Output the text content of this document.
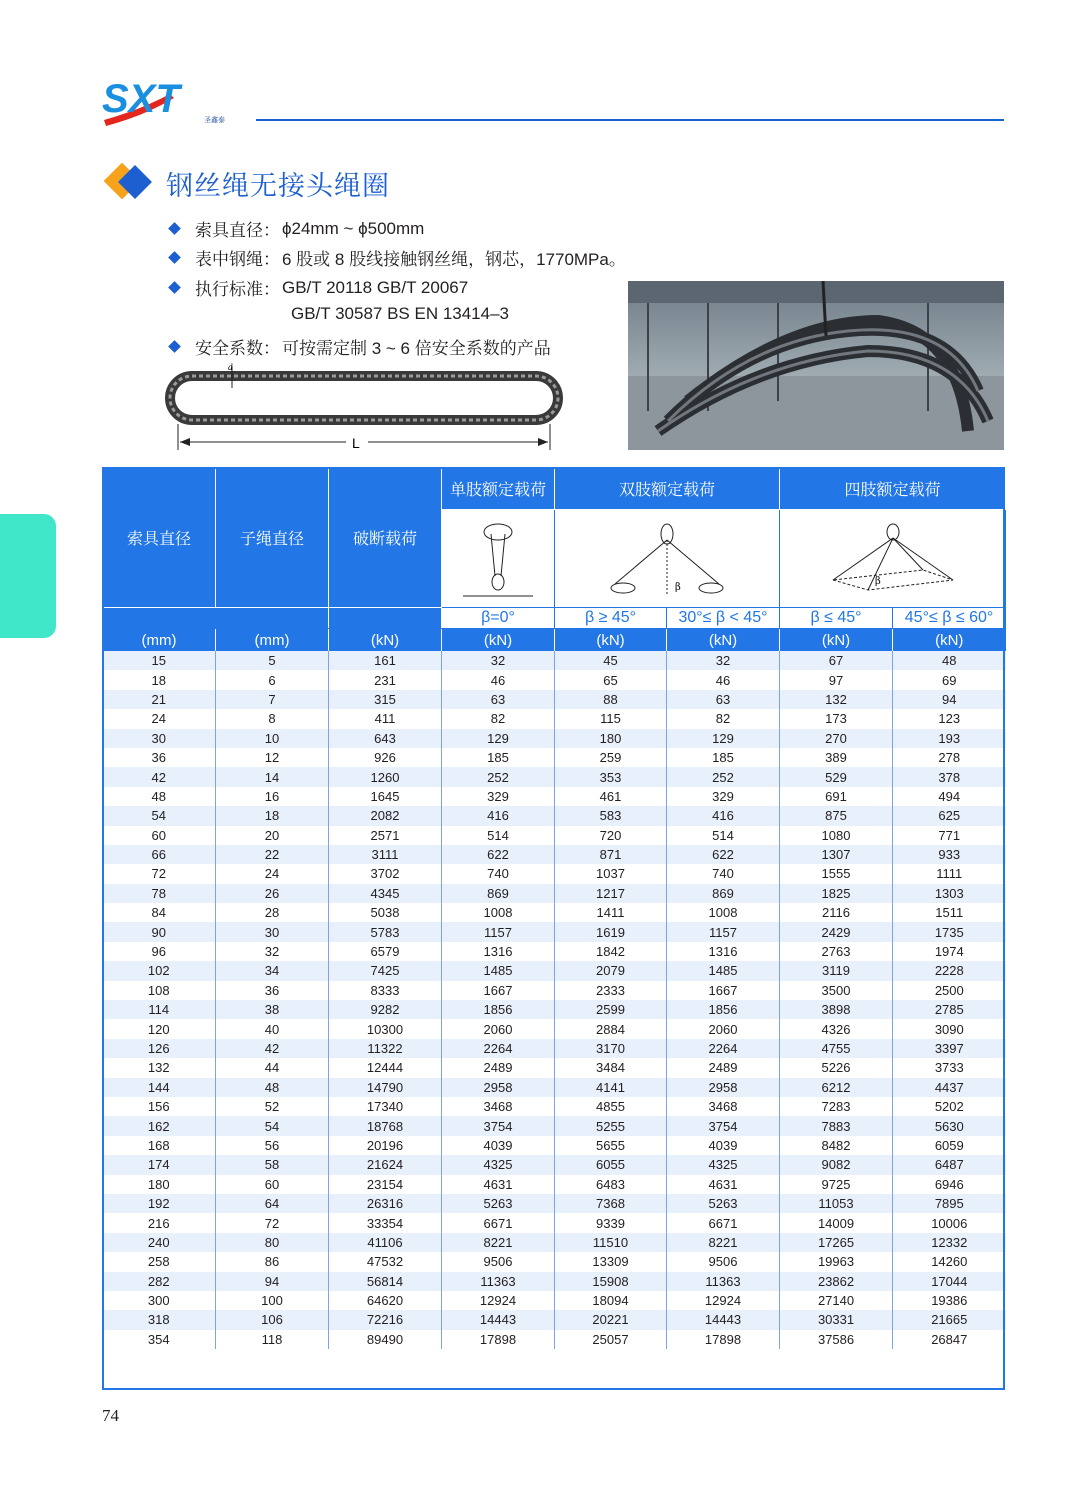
SXT	圣鑫泰
钢丝绳无接头绳圈
索具直径： ϕ24mm ~ ϕ500mm
表中钢绳： 6 股或 8 股线接触钢丝绳，钢芯，1770MPa。
执行标准： GB/T 20118 GB/T 20067
GB/T 30587 BS EN 13414–3
安全系数： 可按需定制 3 ~ 6 倍安全系数的产品
d
L
索具直径	子绳直径	破断载荷	单肢额定载荷	双肢额定载荷		四肢额定载荷	

β		β	

			β=0°	β ≥ 45°	30°≤ β < 45°	β ≤ 45°	45°≤ β ≤ 60°
(mm)	(mm)	(kN)	(kN)	(kN)	(kN)	(kN)	(kN)
15	5	161	32	45	32	67	48
18	6	231	46	65	46	97	69
21	7	315	63	88	63	132	94
24	8	411	82	115	82	173	123
30	10	643	129	180	129	270	193
36	12	926	185	259	185	389	278
42	14	1260	252	353	252	529	378
48	16	1645	329	461	329	691	494
54	18	2082	416	583	416	875	625
60	20	2571	514	720	514	1080	771
66	22	3111	622	871	622	1307	933
72	24	3702	740	1037	740	1555	1111
78	26	4345	869	1217	869	1825	1303
84	28	5038	1008	1411	1008	2116	1511
90	30	5783	1157	1619	1157	2429	1735
96	32	6579	1316	1842	1316	2763	1974
102	34	7425	1485	2079	1485	3119	2228
108	36	8333	1667	2333	1667	3500	2500
114	38	9282	1856	2599	1856	3898	2785
120	40	10300	2060	2884	2060	4326	3090
126	42	11322	2264	3170	2264	4755	3397
132	44	12444	2489	3484	2489	5226	3733
144	48	14790	2958	4141	2958	6212	4437
156	52	17340	3468	4855	3468	7283	5202
162	54	18768	3754	5255	3754	7883	5630
168	56	20196	4039	5655	4039	8482	6059
174	58	21624	4325	6055	4325	9082	6487
180	60	23154	4631	6483	4631	9725	6946
192	64	26316	5263	7368	5263	11053	7895
216	72	33354	6671	9339	6671	14009	10006
240	80	41106	8221	11510	8221	17265	12332
258	86	47532	9506	13309	9506	19963	14260
282	94	56814	11363	15908	11363	23862	17044
300	100	64620	12924	18094	12924	27140	19386
318	106	72216	14443	20221	14443	30331	21665
354	118	89490	17898	25057	17898	37586	26847
74
